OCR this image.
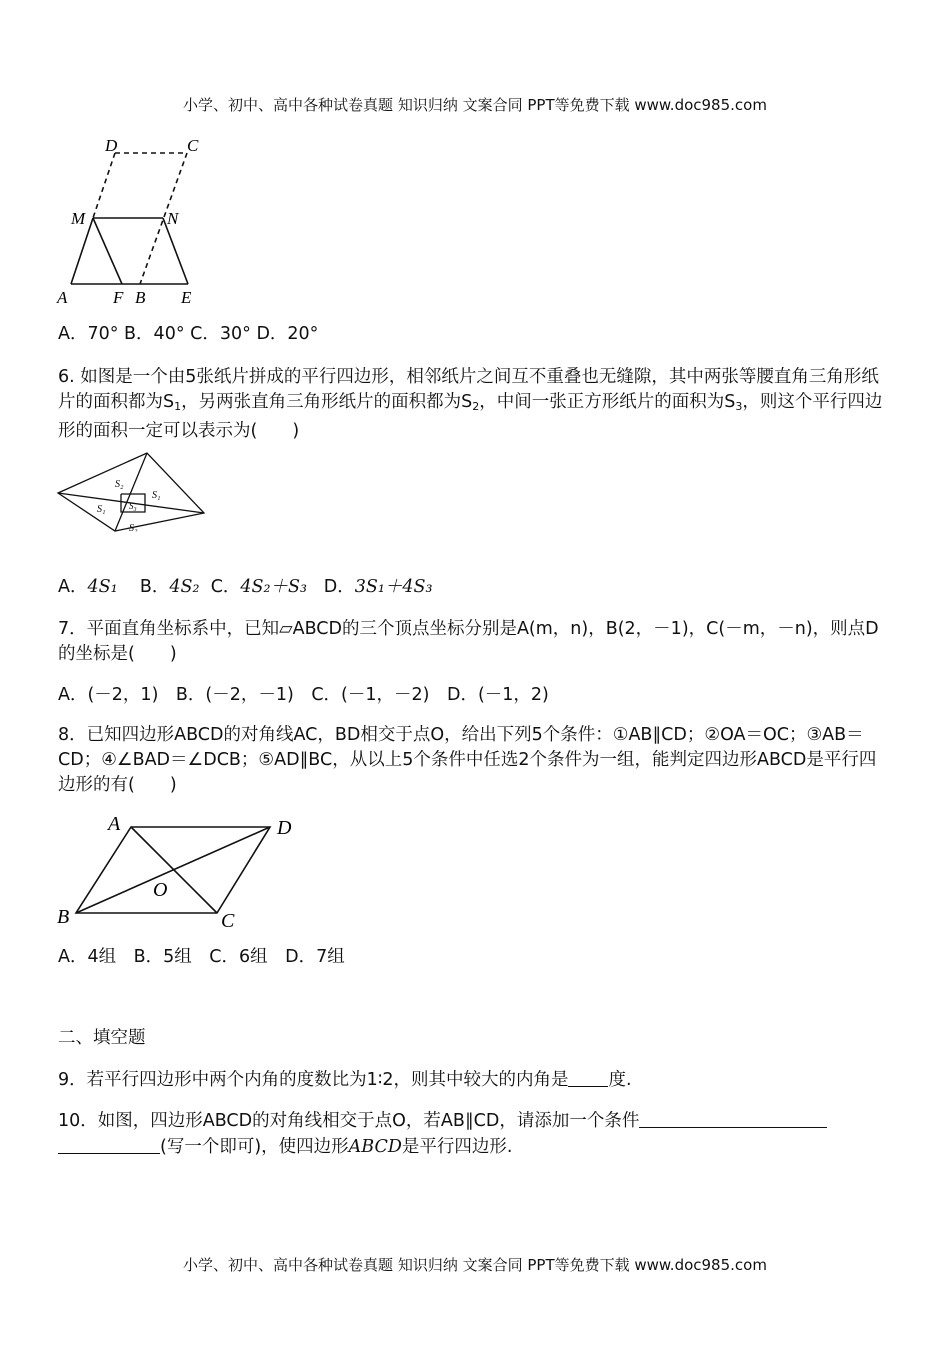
小学、初中、高中各种试卷真题 知识归纳 文案合同 PPT等免费下载 www.doc985.com
D	C
M	N
A	F B E
A．70° B．40° C．30° D．20°
6. 如图是一个由5张纸片拼成的平行四边形，相邻纸片之间互不重叠也无缝隙，其中两张等腰直角三角形纸片的面积都为$S_1$，另两张直角三角形纸片的面积都为$S_2$，中间一张正方形纸片的面积为$S_3$，则这个平行四边形的面积一定可以表示为(　　)
S₂
S₁
S₁	S₃
S₂
A．4S₁ B．4S₂ C．4S₂＋S₃ D．3S₁＋4S₃
7．平面直角坐标系中，已知▱ABCD的三个顶点坐标分别是A(m，n)，B(2，－1)，C(－m，－n)，则点D的坐标是(　　)
A．(－2，1)　B．(－2，－1)　C．(－1，－2)　D．(－1，2)
8．已知四边形ABCD的对角线AC，BD相交于点O，给出下列5个条件：①AB∥CD；②OA＝OC；③AB＝CD；④∠BAD＝∠DCB；⑤AD∥BC，从以上5个条件中任选2个条件为一组，能判定四边形ABCD是平行四边形的有(　　)
A	D
O
B	C
A．4组　B．5组　C．6组　D．7组
二、填空题
9．若平行四边形中两个内角的度数比为1∶2，则其中较大的内角是 度.
10．如图，四边形ABCD的对角线相交于点O，若AB∥CD，请添加一个条件
(写一个即可)，使四边形ABCD是平行四边形.
小学、初中、高中各种试卷真题 知识归纳 文案合同 PPT等免费下载 www.doc985.com
